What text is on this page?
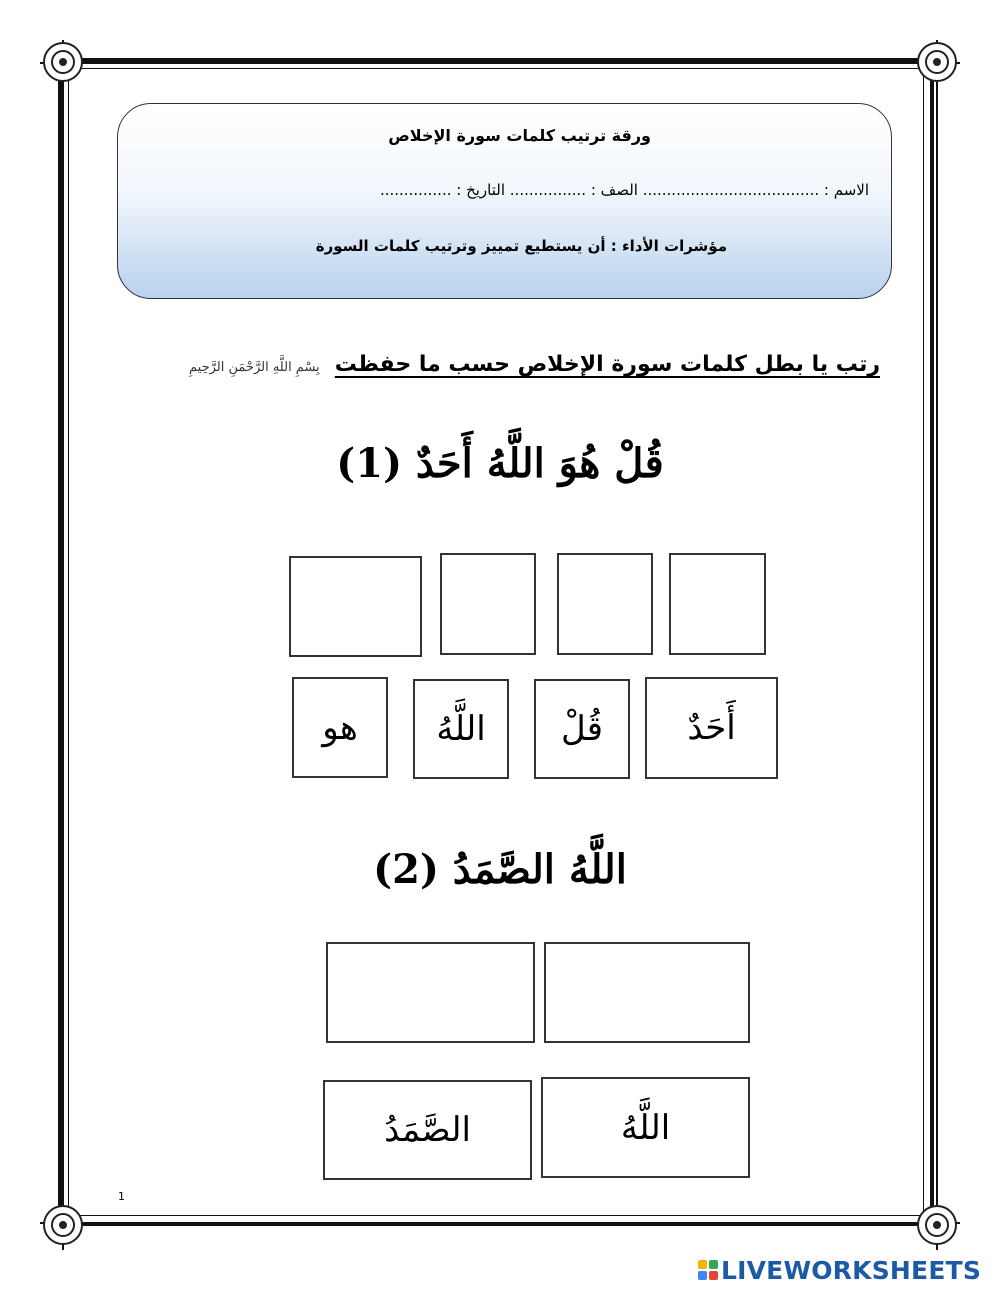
ورقة ترتيب كلمات سورة الإخلاص
الاسم : ..................................... الصف : ................ التاريخ : ...............
مؤشرات الأداء : أن يستطيع تمييز وترتيب كلمات السورة
رتب يا بطل كلمات سورة الإخلاص حسب ما حفظت بِسْمِ اللَّهِ الرَّحْمَنِ الرَّحِيمِ
قُلْ هُوَ اللَّهُ أَحَدٌ (1)
هو	اللَّهُ	قُلْ	أَحَدٌ
اللَّهُ الصَّمَدُ (2)
الصَّمَدُ	اللَّهُ
1
LIVEWORKSHEETS
